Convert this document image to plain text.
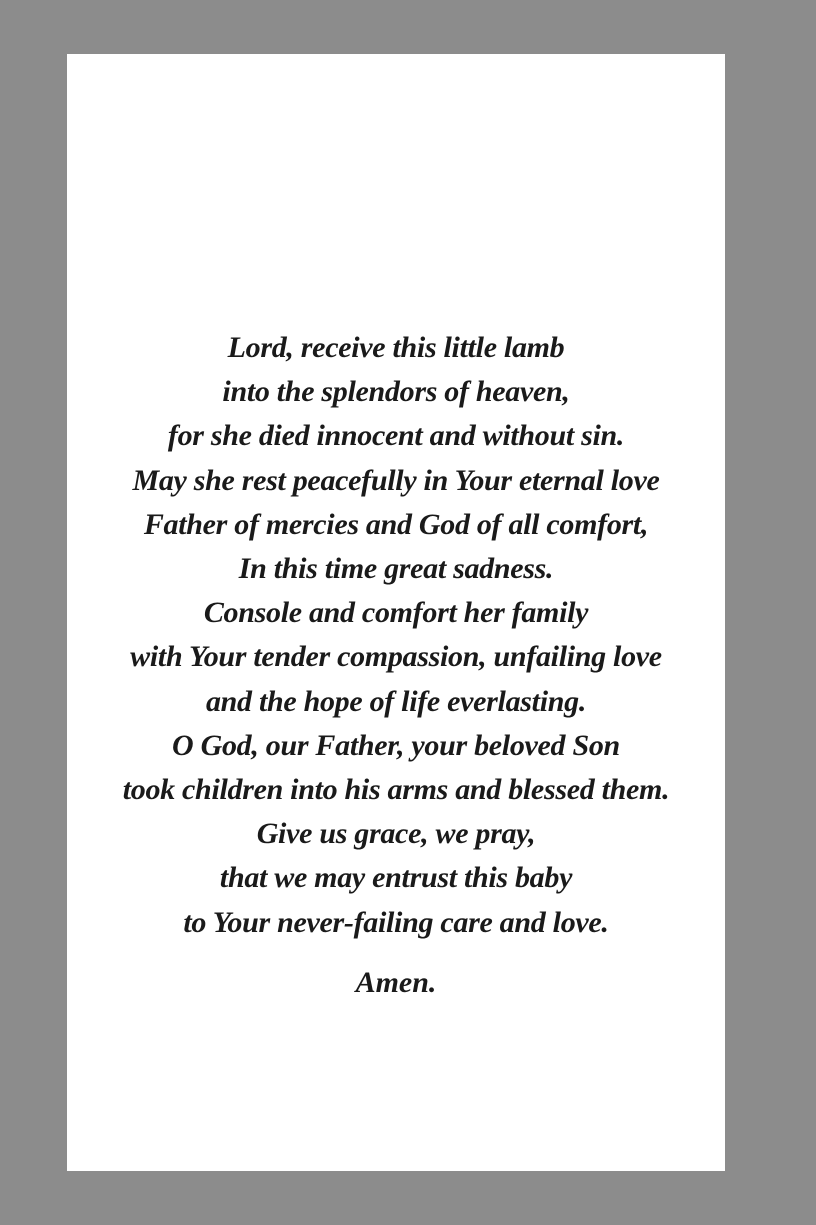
Lord, receive this little lamb
into the splendors of heaven,
for she died innocent and without sin.
May she rest peacefully in Your eternal love
Father of mercies and God of all comfort,
In this time great sadness.
Console and comfort her family
with Your tender compassion, unfailing love
and the hope of life everlasting.
O God, our Father, your beloved Son
took children into his arms and blessed them.
Give us grace, we pray,
that we may entrust this baby
to Your never-failing care and love.
Amen.
